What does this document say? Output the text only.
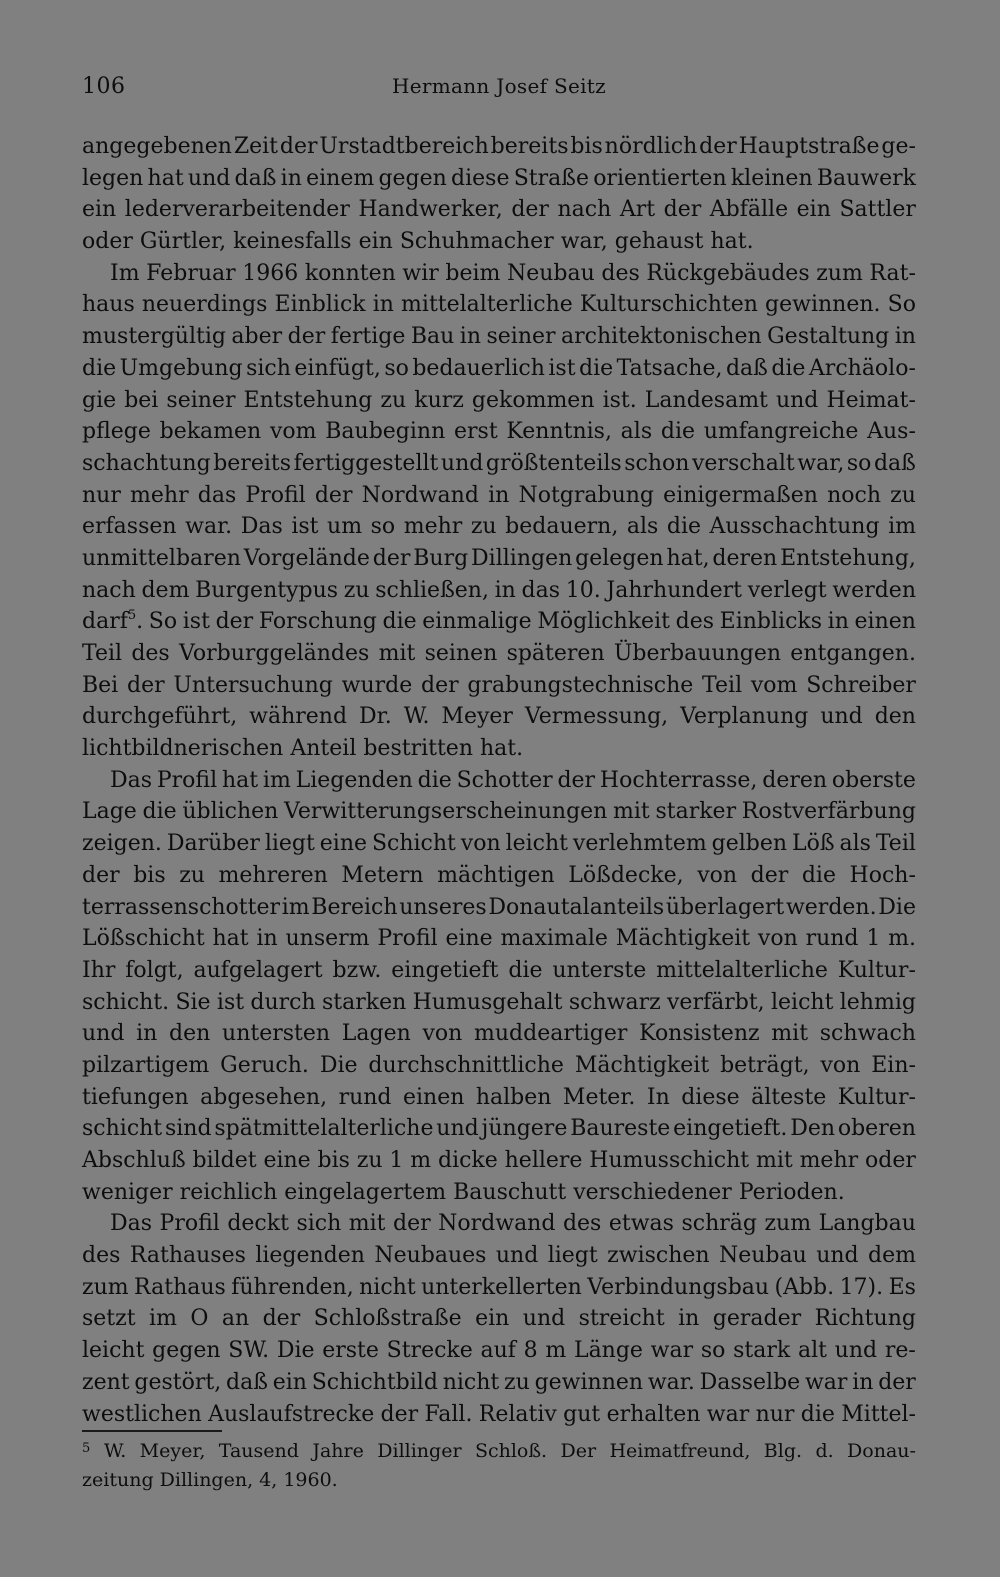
106	Hermann Josef Seitz
angegebenen Zeit der Urstadtbereich bereits bis nördlich der Hauptstraße ge-
legen hat und daß in einem gegen diese Straße orientierten kleinen Bauwerk
ein lederverarbeitender Handwerker, der nach Art der Abfälle ein Sattler
oder Gürtler, keinesfalls ein Schuhmacher war, gehaust hat.
Im Februar 1966 konnten wir beim Neubau des Rückgebäudes zum Rat-
haus neuerdings Einblick in mittelalterliche Kulturschichten gewinnen. So
mustergültig aber der fertige Bau in seiner architektonischen Gestaltung in
die Umgebung sich einfügt, so bedauerlich ist die Tatsache, daß die Archäolo-
gie bei seiner Entstehung zu kurz gekommen ist. Landesamt und Heimat-
pflege bekamen vom Baubeginn erst Kenntnis, als die umfangreiche Aus-
schachtung bereits fertiggestellt und größtenteils schon verschalt war, so daß
nur mehr das Profil der Nordwand in Notgrabung einigermaßen noch zu
erfassen war. Das ist um so mehr zu bedauern, als die Ausschachtung im
unmittelbaren Vorgelände der Burg Dillingen gelegen hat, deren Entstehung,
nach dem Burgentypus zu schließen, in das 10. Jahrhundert verlegt werden
darf$^5$. So ist der Forschung die einmalige Möglichkeit des Einblicks in einen
Teil des Vorburggeländes mit seinen späteren Überbauungen entgangen.
Bei der Untersuchung wurde der grabungstechnische Teil vom Schreiber
durchgeführt, während Dr. W. Meyer Vermessung, Verplanung und den
lichtbildnerischen Anteil bestritten hat.
Das Profil hat im Liegenden die Schotter der Hochterrasse, deren oberste
Lage die üblichen Verwitterungserscheinungen mit starker Rostverfärbung
zeigen. Darüber liegt eine Schicht von leicht verlehmtem gelben Löß als Teil
der bis zu mehreren Metern mächtigen Lößdecke, von der die Hoch-
terrassenschotter im Bereich unseres Donautalanteils überlagert werden. Die
Lößschicht hat in unserm Profil eine maximale Mächtigkeit von rund 1 m.
Ihr folgt, aufgelagert bzw. eingetieft die unterste mittelalterliche Kultur-
schicht. Sie ist durch starken Humusgehalt schwarz verfärbt, leicht lehmig
und in den untersten Lagen von muddeartiger Konsistenz mit schwach
pilzartigem Geruch. Die durchschnittliche Mächtigkeit beträgt, von Ein-
tiefungen abgesehen, rund einen halben Meter. In diese älteste Kultur-
schicht sind spätmittelalterliche und jüngere Baureste eingetieft. Den oberen
Abschluß bildet eine bis zu 1 m dicke hellere Humusschicht mit mehr oder
weniger reichlich eingelagertem Bauschutt verschiedener Perioden.
Das Profil deckt sich mit der Nordwand des etwas schräg zum Langbau
des Rathauses liegenden Neubaues und liegt zwischen Neubau und dem
zum Rathaus führenden, nicht unterkellerten Verbindungsbau (Abb. 17). Es
setzt im O an der Schloßstraße ein und streicht in gerader Richtung
leicht gegen SW. Die erste Strecke auf 8 m Länge war so stark alt und re-
zent gestört, daß ein Schichtbild nicht zu gewinnen war. Dasselbe war in der
westlichen Auslaufstrecke der Fall. Relativ gut erhalten war nur die Mittel-
5 W. Meyer, Tausend Jahre Dillinger Schloß. Der Heimatfreund, Blg. d. Donau-
zeitung Dillingen, 4, 1960.
